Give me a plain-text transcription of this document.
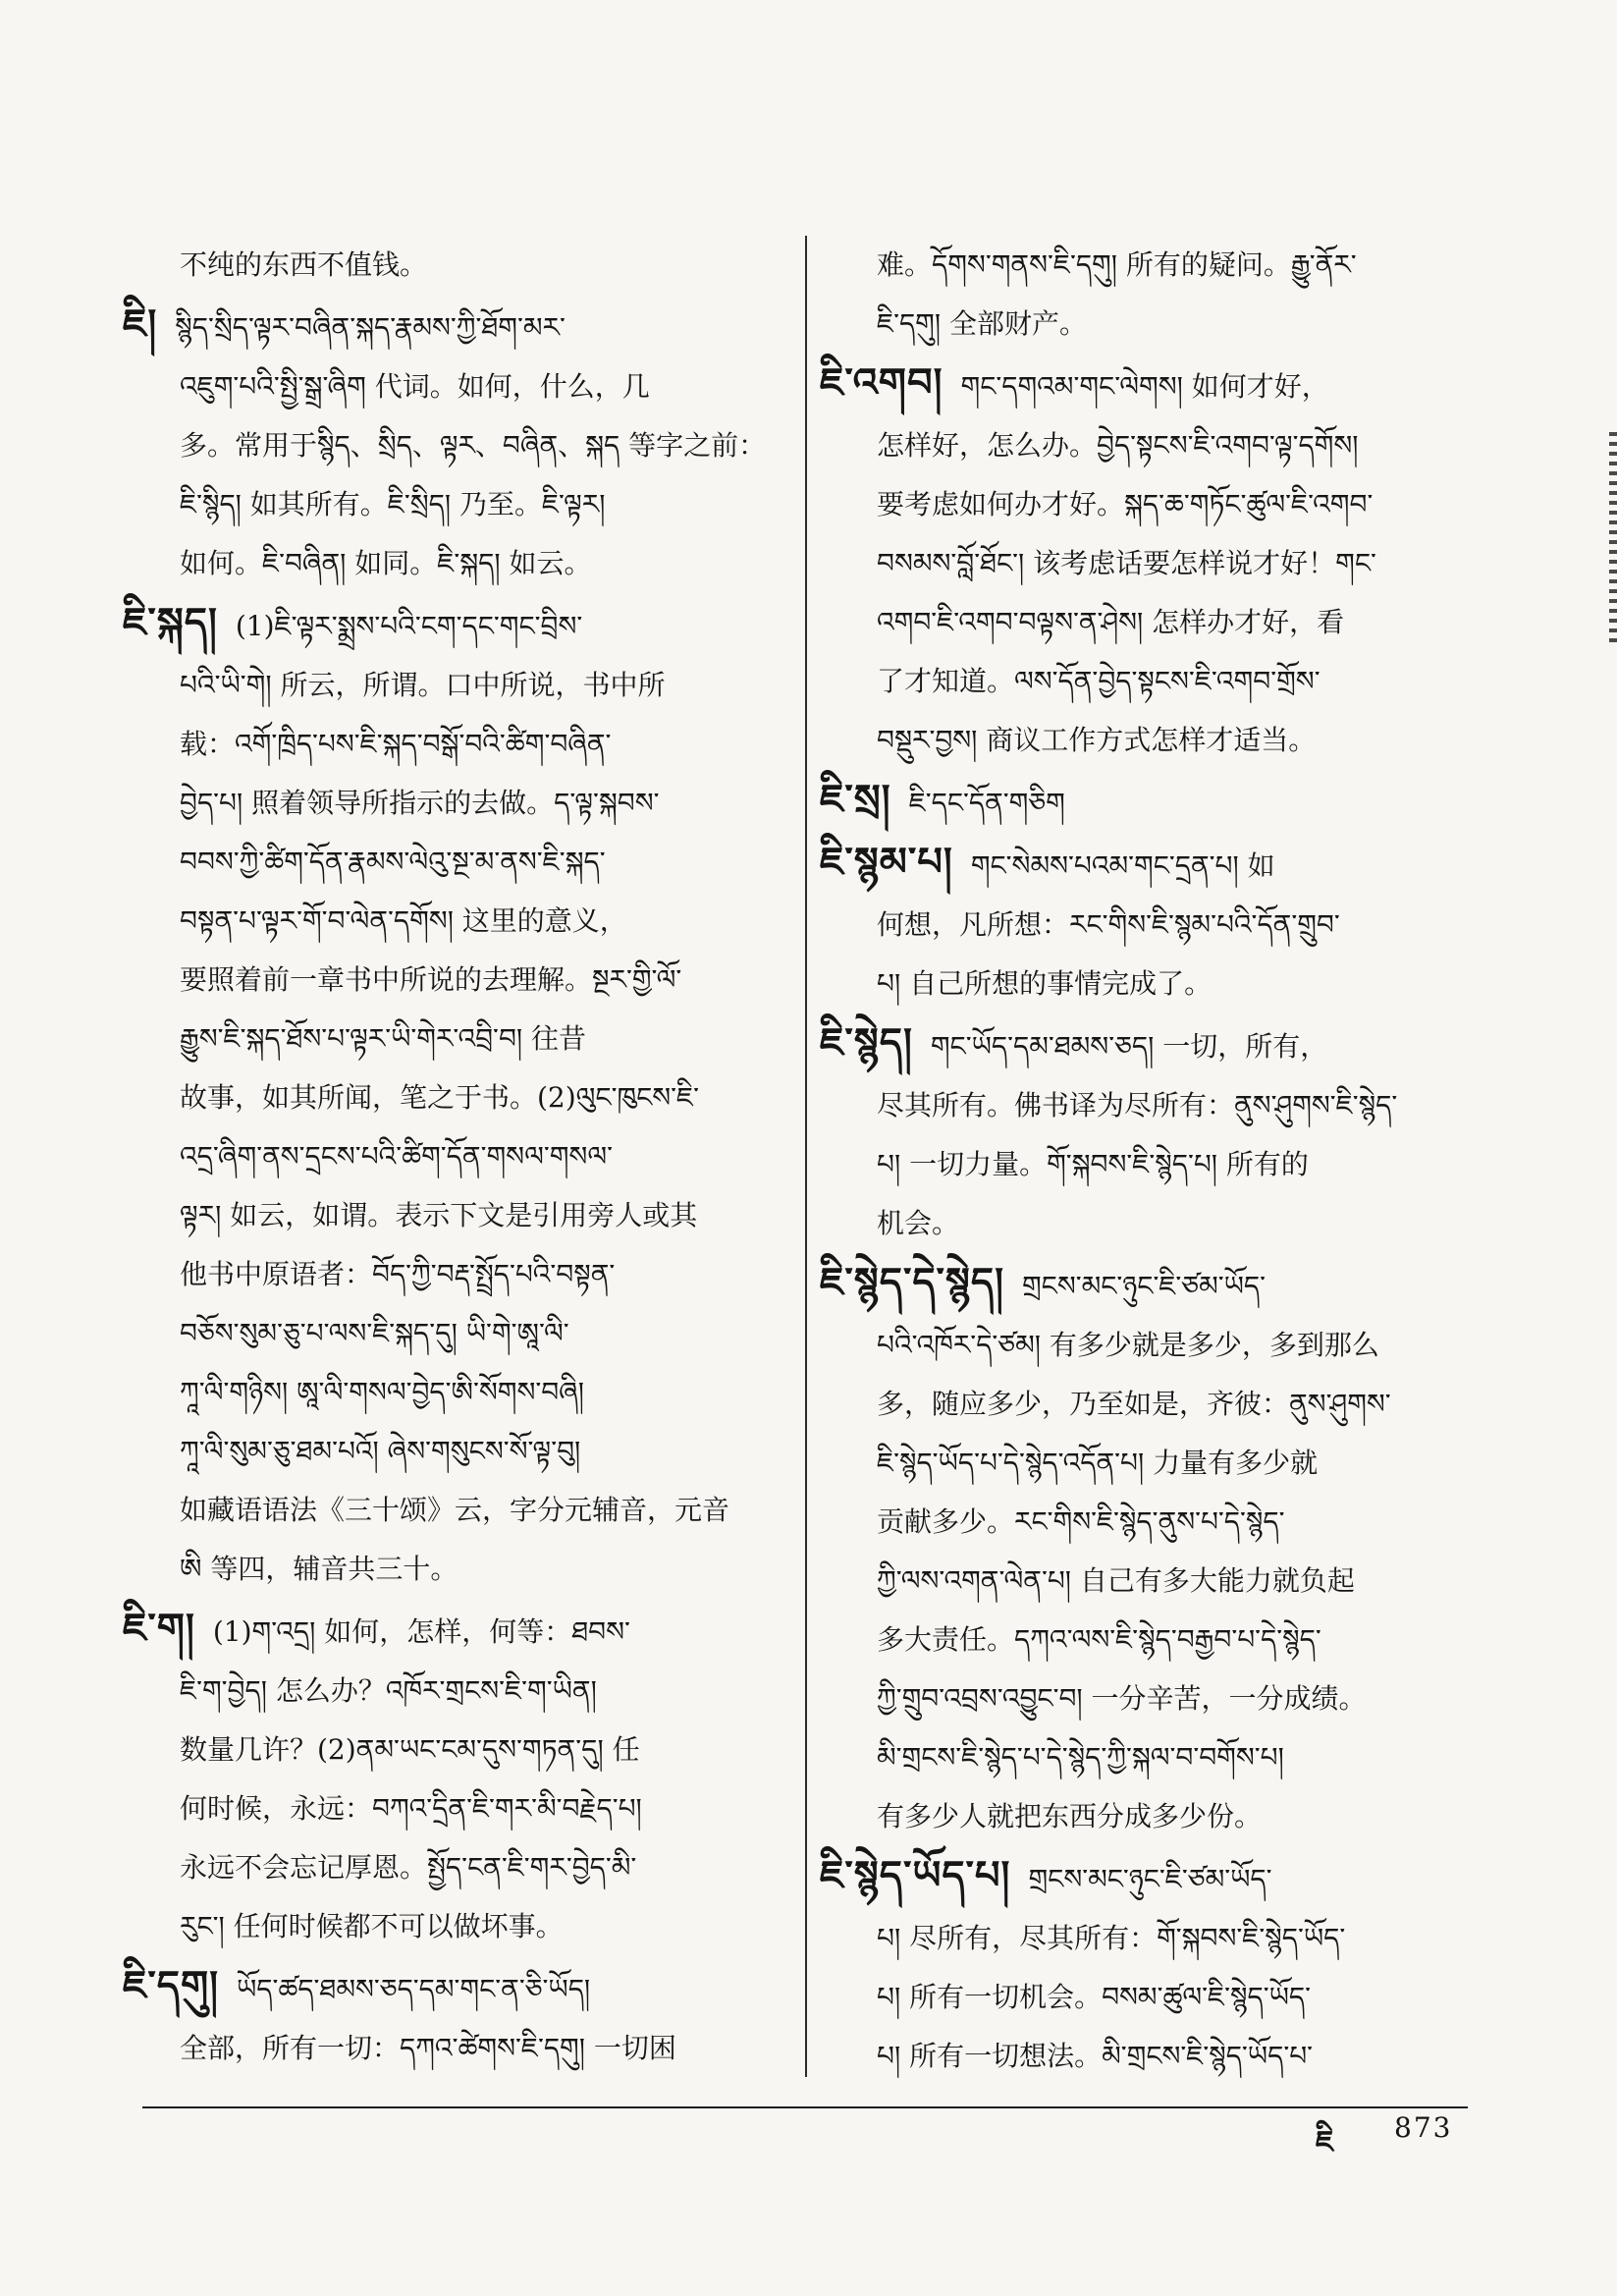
不纯的东西不值钱。
ཇི། སྙིད་སྲིད་ལྟར་བཞིན་སྐད་རྣམས་ཀྱི་ཐོག་མར་
འཇུག་པའི་སྤྱི་སྒྲ་ཞིག 代词。如何，什么，几
多。常用于སྙིད、སྲིད、ལྟར、བཞིན、སྐད 等字之前：
ཇི་སྙིད། 如其所有。ཇི་སྲིད། 乃至。ཇི་ལྟར།
如何。ཇི་བཞིན། 如同。ཇི་སྐད། 如云。
ཇི་སྐད། (1)ཇི་ལྟར་སྨྲས་པའི་ངག་དང་གང་བྲིས་
པའི་ཡི་གེ། 所云，所谓。口中所说，书中所
载：འགོ་ཁྲིད་པས་ཇི་སྐད་བསྒོ་བའི་ཚིག་བཞིན་
བྱེད་པ། 照着领导所指示的去做。ད་ལྟ་སྐབས་
བབས་ཀྱི་ཚིག་དོན་རྣམས་ལེའུ་སྔ་མ་ནས་ཇི་སྐད་
བསྟན་པ་ལྟར་གོ་བ་ལེན་དགོས། 这里的意义，
要照着前一章书中所说的去理解。སྔར་གྱི་ལོ་
རྒྱུས་ཇི་སྐད་ཐོས་པ་ལྟར་ཡི་གེར་འབྲི་བ། 往昔
故事，如其所闻，笔之于书。(2)ལུང་ཁུངས་ཇི་
འདྲ་ཞིག་ནས་དྲངས་པའི་ཚིག་དོན་གསལ་གསལ་
ལྟར། 如云，如谓。表示下文是引用旁人或其
他书中原语者：བོད་ཀྱི་བརྡ་སྤྲོད་པའི་བསྟན་
བཅོས་སུམ་ཅུ་པ་ལས་ཇི་སྐད་དུ། ཡི་གེ་ཨཱ་ལི་
ཀཱ་ལི་གཉིས། ཨཱ་ལི་གསལ་བྱེད་ཨི་སོགས་བཞི།
ཀཱ་ལི་སུམ་ཅུ་ཐམ་པའོ། ཞེས་གསུངས་སོ་ལྟ་བུ།
如藏语语法《三十颂》云，字分元辅音，元音
ཨི 等四，辅音共三十。
ཇི་ག། (1)ག་འདྲ། 如何，怎样，何等：ཐབས་
ཇི་ག་བྱེད། 怎么办？འཁོར་གྲངས་ཇི་ག་ཡིན།
数量几许？(2)ནམ་ཡང་ངམ་དུས་གཏན་དུ། 任
何时候，永远：བཀའ་དྲིན་ཇི་གར་མི་བརྗེད་པ།
永远不会忘记厚恩。སྤྱོད་ངན་ཇི་གར་བྱེད་མི་
རུང་། 任何时候都不可以做坏事。
ཇི་དགུ། ཡོད་ཚད་ཐམས་ཅད་དམ་གང་ན་ཅི་ཡོད།
全部，所有一切：དཀའ་ཚེགས་ཇི་དགུ། 一切困
难。དོགས་གནས་ཇི་དགུ། 所有的疑问。རྒྱུ་ནོར་
ཇི་དགུ། 全部财产。
ཇི་འགབ། གང་དགའམ་གང་ལེགས། 如何才好，
怎样好，怎么办。བྱེད་སྟངས་ཇི་འགབ་ལྟ་དགོས།
要考虑如何办才好。སྐད་ཆ་གཏོང་ཚུལ་ཇི་འགབ་
བསམས་བློ་ཐོང་། 该考虑话要怎样说才好！གང་
འགབ་ཇི་འགབ་བལྟས་ན་ཤེས། 怎样办才好，看
了才知道。ལས་དོན་བྱེད་སྟངས་ཇི་འགབ་གྲོས་
བསྡུར་བྱས། 商议工作方式怎样才适当。
ཇི་སྲ། ཇི་དང་དོན་གཅིག
ཇི་སྙམ་པ། གང་སེམས་པའམ་གང་དྲན་པ། 如
何想，凡所想：རང་གིས་ཇི་སྙམ་པའི་དོན་གྲུབ་
པ། 自己所想的事情完成了。
ཇི་སྙེད། གང་ཡོད་དམ་ཐམས་ཅད། 一切，所有，
尽其所有。佛书译为尽所有：ནུས་ཤུགས་ཇི་སྙེད་
པ། 一切力量。གོ་སྐབས་ཇི་སྙེད་པ། 所有的
机会。
ཇི་སྙེད་དེ་སྙེད། གྲངས་མང་ཉུང་ཇི་ཙམ་ཡོད་
པའི་འཁོར་དེ་ཙམ། 有多少就是多少，多到那么
多，随应多少，乃至如是，齐彼：ནུས་ཤུགས་
ཇི་སྙེད་ཡོད་པ་དེ་སྙེད་འདོན་པ། 力量有多少就
贡献多少。རང་གིས་ཇི་སྙེད་ནུས་པ་དེ་སྙེད་
ཀྱི་ལས་འགན་ལེན་པ། 自己有多大能力就负起
多大责任。དཀའ་ལས་ཇི་སྙེད་བརྒྱབ་པ་དེ་སྙེད་
ཀྱི་གྲུབ་འབྲས་འབྱུང་བ། 一分辛苦，一分成绩。
མི་གྲངས་ཇི་སྙེད་པ་དེ་སྙེད་ཀྱི་སྐལ་བ་བགོས་པ།
有多少人就把东西分成多少份。
ཇི་སྙེད་ཡོད་པ། གྲངས་མང་ཉུང་ཇི་ཙམ་ཡོད་
པ། 尽所有，尽其所有：གོ་སྐབས་ཇི་སྙེད་ཡོད་
པ། 所有一切机会。བསམ་ཚུལ་ཇི་སྙེད་ཡོད་
པ། 所有一切想法。མི་གྲངས་ཇི་སྙེད་ཡོད་པ་
ཇི 873
